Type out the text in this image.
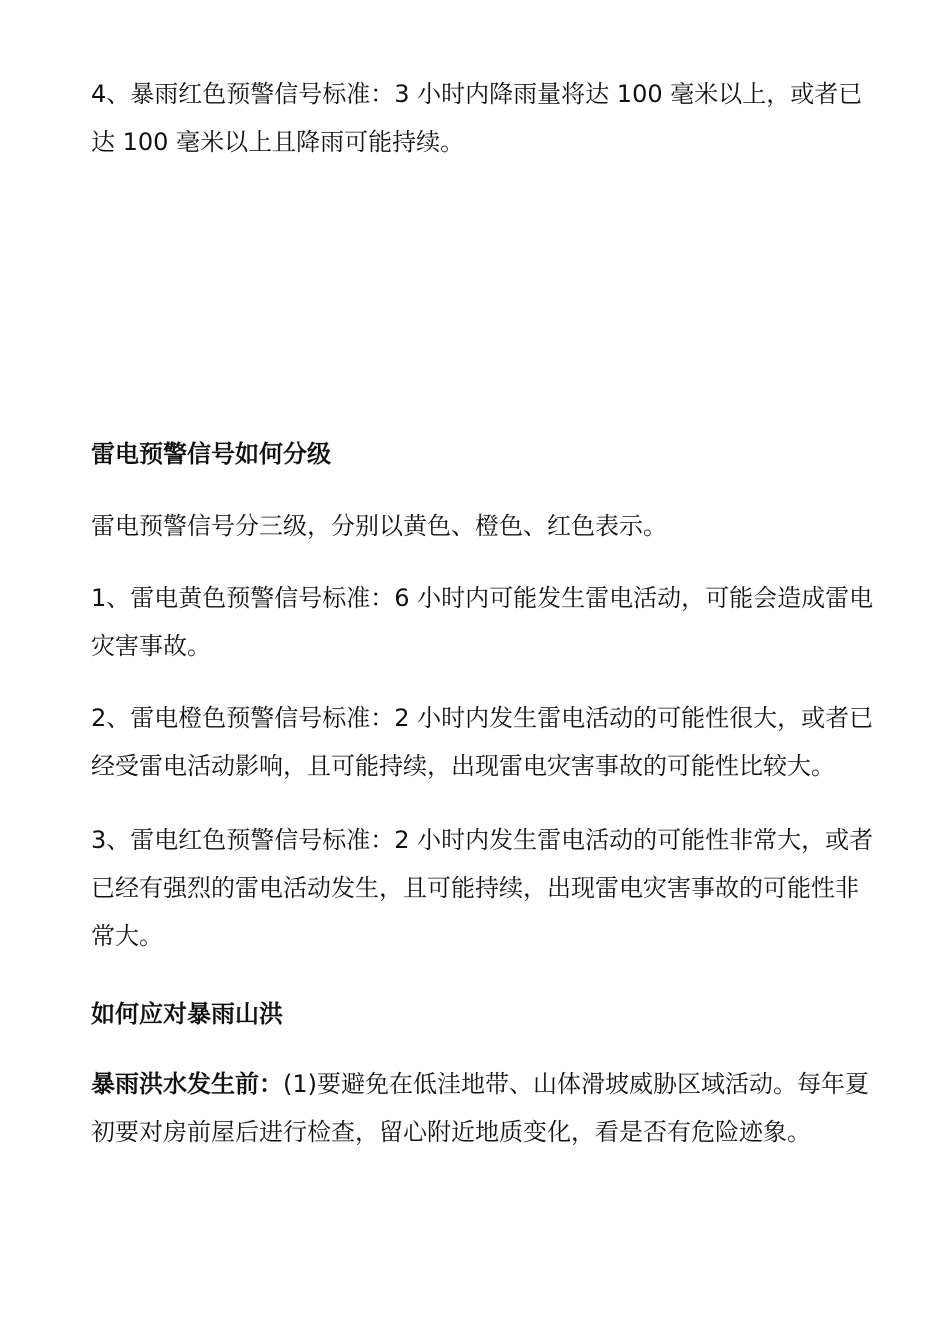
4、暴雨红色预警信号标准：3 小时内降雨量将达 100 毫米以上，或者已达 100 毫米以上且降雨可能持续。

雷电预警信号如何分级

雷电预警信号分三级，分别以黄色、橙色、红色表示。

1、雷电黄色预警信号标准：6 小时内可能发生雷电活动，可能会造成雷电灾害事故。

2、雷电橙色预警信号标准：2 小时内发生雷电活动的可能性很大，或者已经受雷电活动影响，且可能持续，出现雷电灾害事故的可能性比较大。

3、雷电红色预警信号标准：2 小时内发生雷电活动的可能性非常大，或者已经有强烈的雷电活动发生，且可能持续，出现雷电灾害事故的可能性非常大。

如何应对暴雨山洪

暴雨洪水发生前：(1)要避免在低洼地带、山体滑坡威胁区域活动。每年夏初要对房前屋后进行检查，留心附近地质变化，看是否有危险迹象。
